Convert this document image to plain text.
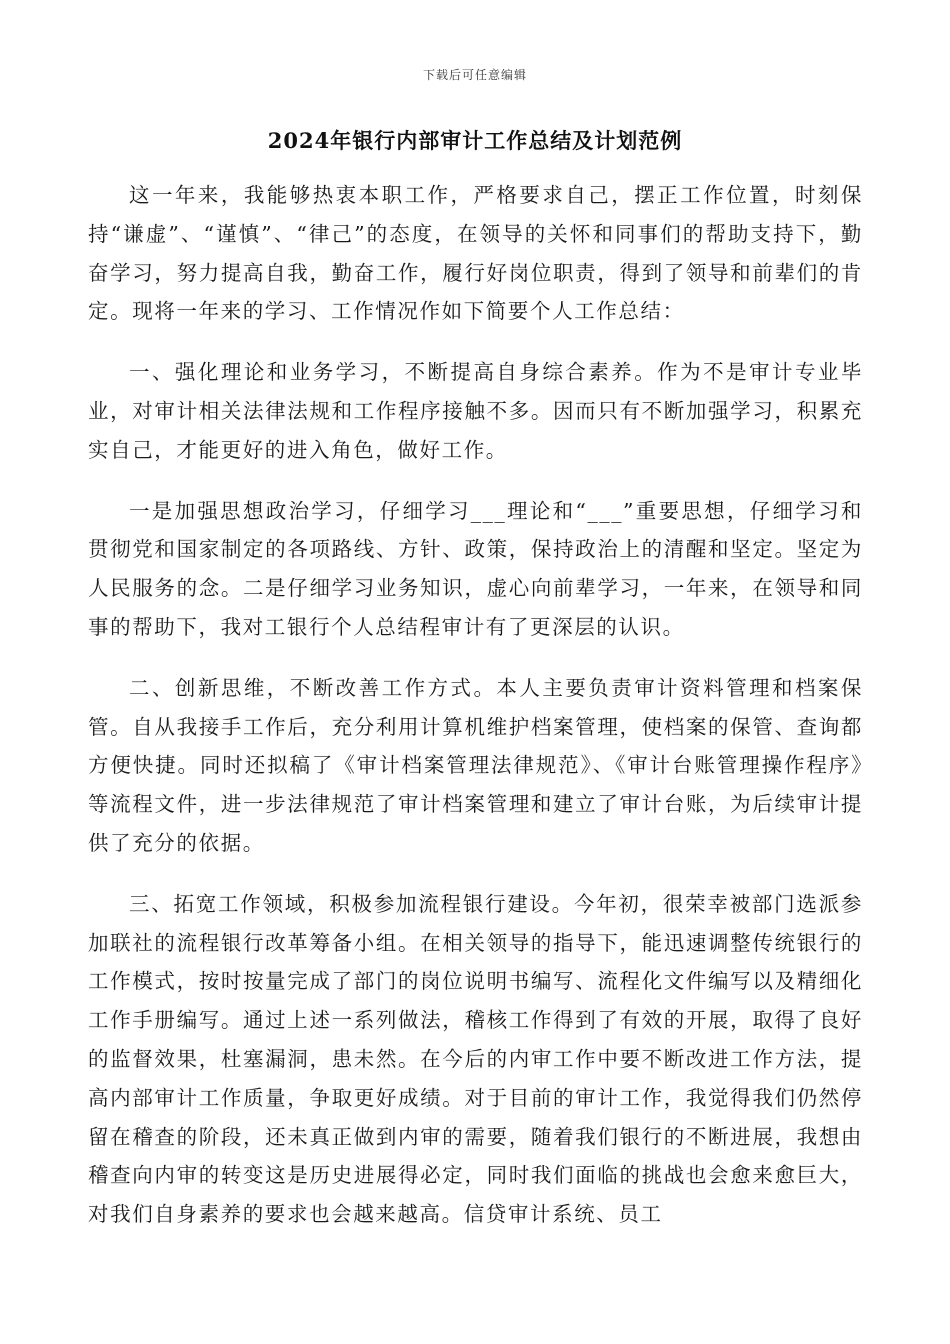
下载后可任意编辑
2024年银行内部审计工作总结及计划范例

这一年来，我能够热衷本职工作，严格要求自己，摆正工作位置，时刻保持“谦虚”、“谨慎”、“律己”的态度，在领导的关怀和同事们的帮助支持下，勤奋学习，努力提高自我，勤奋工作，履行好岗位职责，得到了领导和前辈们的肯定。现将一年来的学习、工作情况作如下简要个人工作总结：

一、强化理论和业务学习，不断提高自身综合素养。作为不是审计专业毕业，对审计相关法律法规和工作程序接触不多。因而只有不断加强学习，积累充实自己，才能更好的进入角色，做好工作。

一是加强思想政治学习，仔细学习___理论和“___”重要思想，仔细学习和贯彻党和国家制定的各项路线、方针、政策，保持政治上的清醒和坚定。坚定为人民服务的念。二是仔细学习业务知识，虚心向前辈学习，一年来，在领导和同事的帮助下，我对工银行个人总结程审计有了更深层的认识。

二、创新思维，不断改善工作方式。本人主要负责审计资料管理和档案保管。自从我接手工作后，充分利用计算机维护档案管理，使档案的保管、查询都方便快捷。同时还拟稿了《审计档案管理法律规范》、《审计台账管理操作程序》等流程文件，进一步法律规范了审计档案管理和建立了审计台账，为后续审计提供了充分的依据。

三、拓宽工作领域，积极参加流程银行建设。今年初，很荣幸被部门选派参加联社的流程银行改革筹备小组。在相关领导的指导下，能迅速调整传统银行的工作模式，按时按量完成了部门的岗位说明书编写、流程化文件编写以及精细化工作手册编写。通过上述一系列做法，稽核工作得到了有效的开展，取得了良好的监督效果，杜塞漏洞，患未然。在今后的内审工作中要不断改进工作方法，提高内部审计工作质量，争取更好成绩。对于目前的审计工作，我觉得我们仍然停留在稽查的阶段，还未真正做到内审的需要，随着我们银行的不断进展，我想由稽查向内审的转变这是历史进展得必定，同时我们面临的挑战也会愈来愈巨大，对我们自身素养的要求也会越来越高。信贷审计系统、员工
